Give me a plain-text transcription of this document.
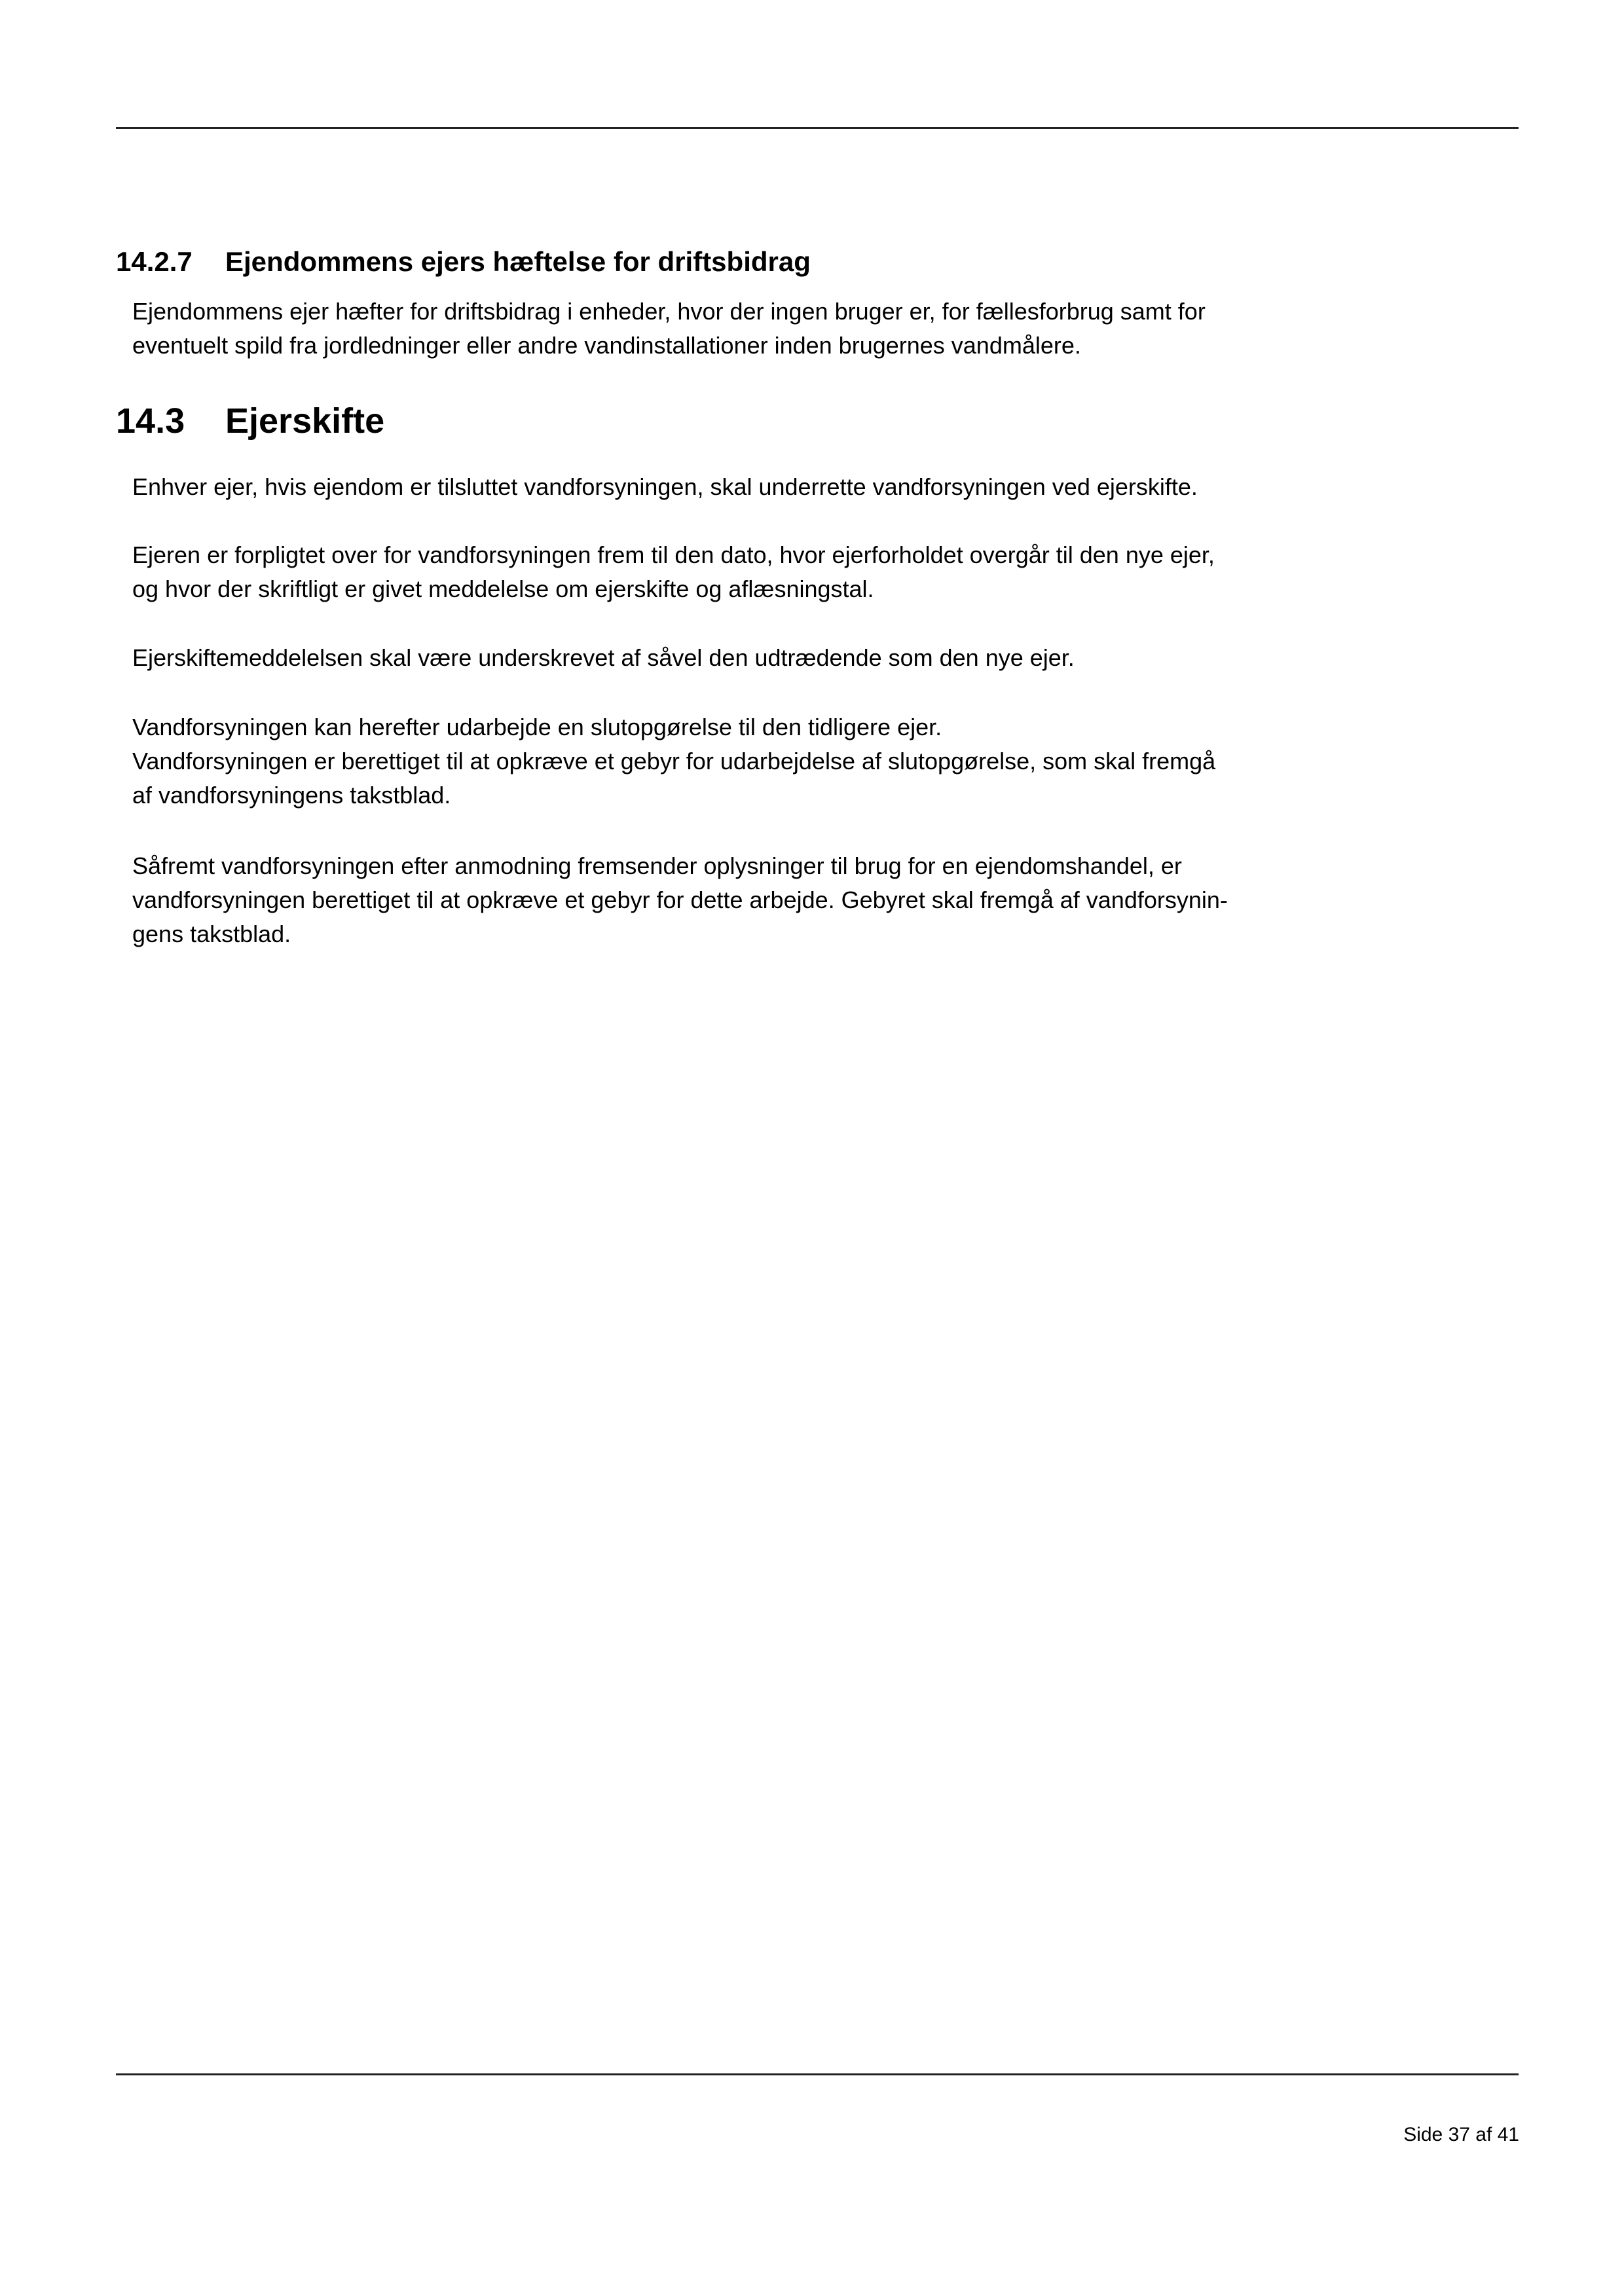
14.2.7 Ejendommens ejers hæftelse for driftsbidrag

Ejendommens ejer hæfter for driftsbidrag i enheder, hvor der ingen bruger er, for fællesforbrug samt for
eventuelt spild fra jordledninger eller andre vandinstallationer inden brugernes vandmålere.

14.3 Ejerskifte

Enhver ejer, hvis ejendom er tilsluttet vandforsyningen, skal underrette vandforsyningen ved ejerskifte.

Ejeren er forpligtet over for vandforsyningen frem til den dato, hvor ejerforholdet overgår til den nye ejer,
og hvor der skriftligt er givet meddelelse om ejerskifte og aflæsningstal.

Ejerskiftemeddelelsen skal være underskrevet af såvel den udtrædende som den nye ejer.

Vandforsyningen kan herefter udarbejde en slutopgørelse til den tidligere ejer.
Vandforsyningen er berettiget til at opkræve et gebyr for udarbejdelse af slutopgørelse, som skal fremgå
af vandforsyningens takstblad.

Såfremt vandforsyningen efter anmodning fremsender oplysninger til brug for en ejendomshandel, er
vandforsyningen berettiget til at opkræve et gebyr for dette arbejde. Gebyret skal fremgå af vandforsynin-
gens takstblad.

Side 37 af 41
